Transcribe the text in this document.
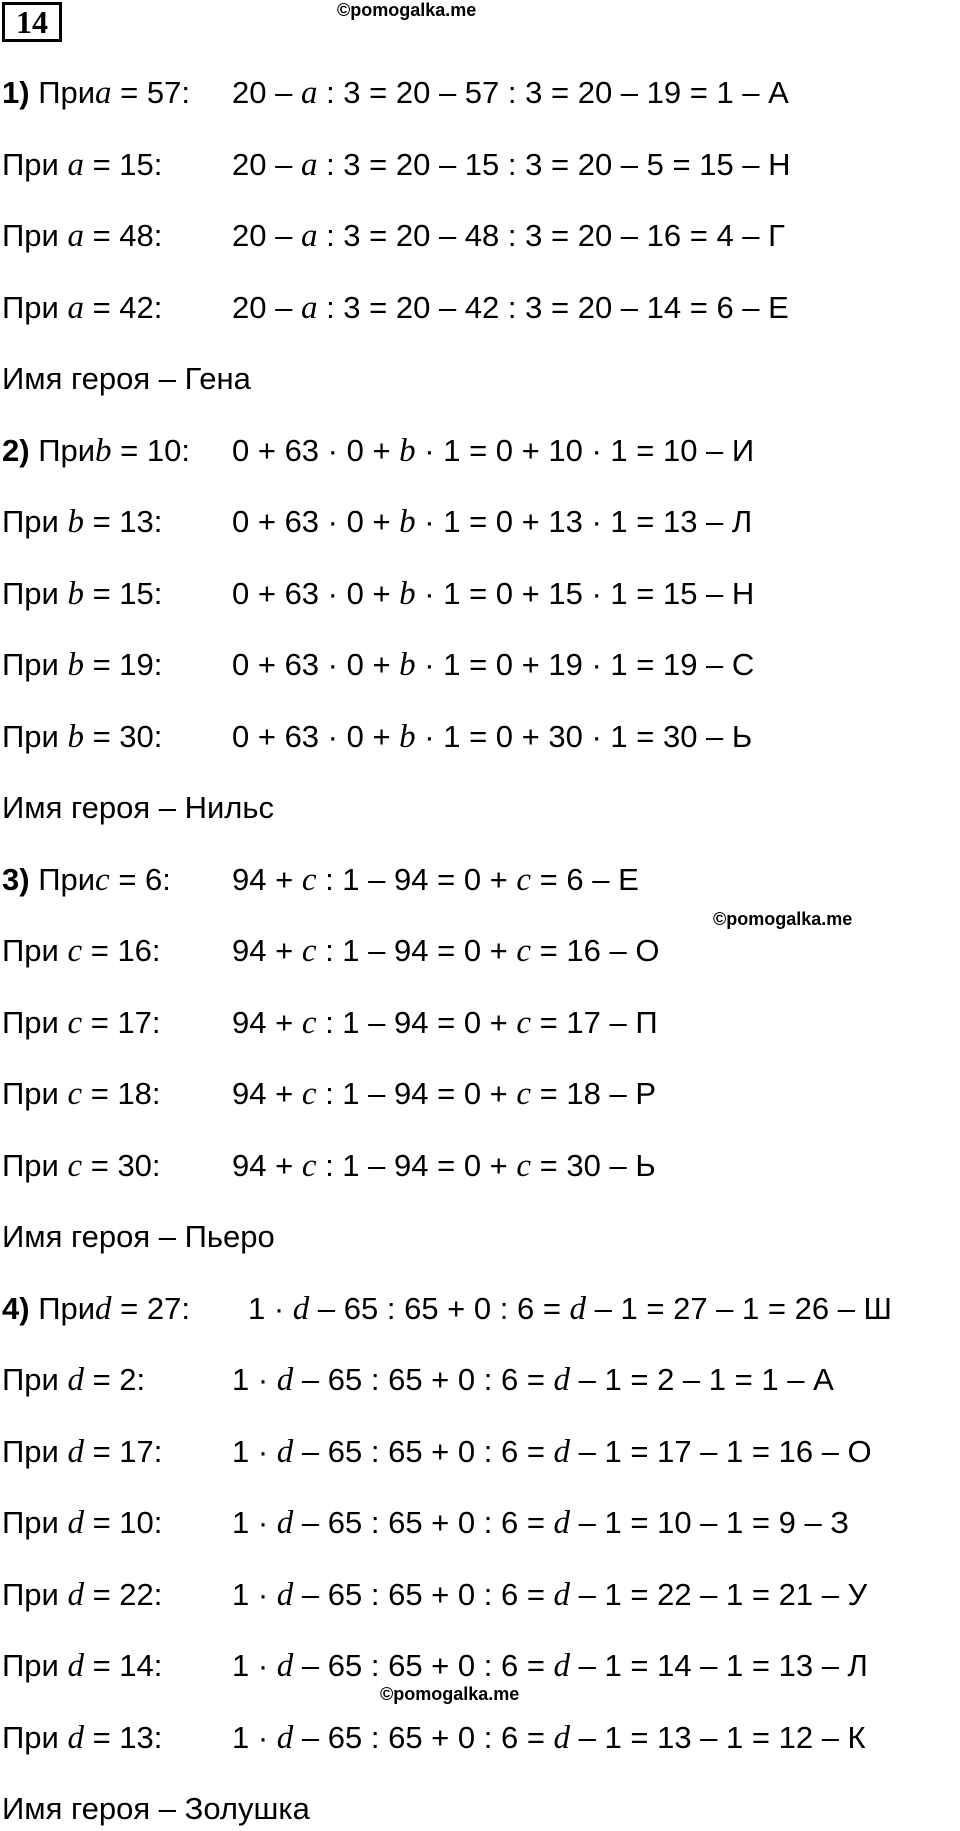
14	©pomogalka.me
©pomogalka.me
©pomogalka.me
1) Приa = 57: 20 – a : 3 = 20 – 57 : 3 = 20 – 19 = 1 – А
При a = 15: 20 – a : 3 = 20 – 15 : 3 = 20 – 5 = 15 – Н
При a = 48: 20 – a : 3 = 20 – 48 : 3 = 20 – 16 = 4 – Г
При a = 42: 20 – a : 3 = 20 – 42 : 3 = 20 – 14 = 6 – Е
Имя героя – Гена
2) Приb = 10: 0 + 63 · 0 + b · 1 = 0 + 10 · 1 = 10 – И
При b = 13: 0 + 63 · 0 + b · 1 = 0 + 13 · 1 = 13 – Л
При b = 15: 0 + 63 · 0 + b · 1 = 0 + 15 · 1 = 15 – Н
При b = 19: 0 + 63 · 0 + b · 1 = 0 + 19 · 1 = 19 – С
При b = 30: 0 + 63 · 0 + b · 1 = 0 + 30 · 1 = 30 – Ь
Имя героя – Нильс
3) Приc = 6: 94 + c : 1 – 94 = 0 + c = 6 – Е
При c = 16: 94 + c : 1 – 94 = 0 + c = 16 – О
При c = 17: 94 + c : 1 – 94 = 0 + c = 17 – П
При c = 18: 94 + c : 1 – 94 = 0 + c = 18 – Р
При c = 30: 94 + c : 1 – 94 = 0 + c = 30 – Ь
Имя героя – Пьеро
4) Приd = 27: 1 · d – 65 : 65 + 0 : 6 = d – 1 = 27 – 1 = 26 – Ш
При d = 2:	1 · d – 65 : 65 + 0 : 6 = d – 1 = 2 – 1 = 1 – А
При d = 17: 1 · d – 65 : 65 + 0 : 6 = d – 1 = 17 – 1 = 16 – О
При d = 10: 1 · d – 65 : 65 + 0 : 6 = d – 1 = 10 – 1 = 9 – З
При d = 22: 1 · d – 65 : 65 + 0 : 6 = d – 1 = 22 – 1 = 21 – У
При d = 14: 1 · d – 65 : 65 + 0 : 6 = d – 1 = 14 – 1 = 13 – Л
При d = 13: 1 · d – 65 : 65 + 0 : 6 = d – 1 = 13 – 1 = 12 – К
Имя героя – Золушка
